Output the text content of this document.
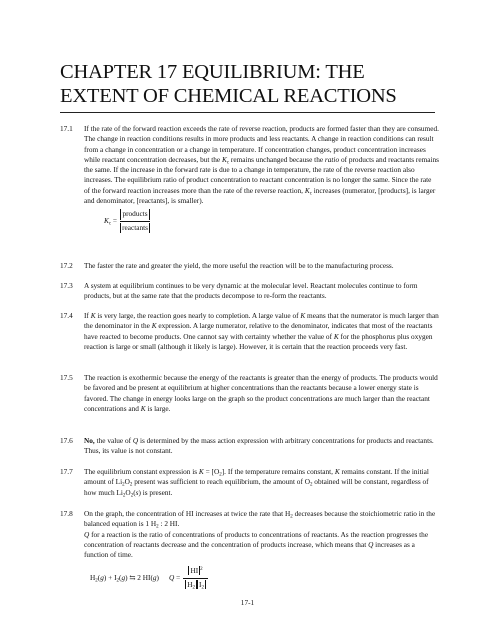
CHAPTER 17 EQUILIBRIUM: THE EXTENT OF CHEMICAL REACTIONS
17.1	If the rate of the forward reaction exceeds the rate of reverse reaction, products are formed faster than they are consumed. The change in reaction conditions results in more products and less reactants. A change in reaction conditions can result from a change in concentration or a change in temperature. If concentration changes, product concentration increases while reactant concentration decreases, but the $K_c$ remains unchanged because the ratio of products and reactants remains the same. If the increase in the forward rate is due to a change in temperature, the rate of the reverse reaction also increases. The equilibrium ratio of product concentration to reactant concentration is no longer the same. Since the rate of the forward reaction increases more than the rate of the reverse reaction, $K_c$ increases (numerator, [products], is larger and denominator, [reactants], is smaller).

$K_c = \frac{\text{products}}{\text{reactants}}$
17.2	The faster the rate and greater the yield, the more useful the reaction will be to the manufacturing process.

17.3	A system at equilibrium continues to be very dynamic at the molecular level. Reactant molecules continue to form products, but at the same rate that the products decompose to re-form the reactants.

17.4	If K is very large, the reaction goes nearly to completion. A large value of K means that the numerator is much larger than the denominator in the K expression. A large numerator, relative to the denominator, indicates that most of the reactants have reacted to become products. One cannot say with certainty whether the value of K for the phosphorus plus oxygen reaction is large or small (although it likely is large). However, it is certain that the reaction proceeds very fast.

17.5	The reaction is exothermic because the energy of the reactants is greater than the energy of products. The products would be favored and be present at equilibrium at higher concentrations than the reactants because a lower energy state is favored. The change in energy looks large on the graph so the product concentrations are much larger than the reactant concentrations and K is large.

17.6	No, the value of Q is determined by the mass action expression with arbitrary concentrations for products and reactants. Thus, its value is not constant.

17.7	The equilibrium constant expression is $K = [O_2]$. If the temperature remains constant, K remains constant. If the initial amount of $Li_2O_2$ present was sufficient to reach equilibrium, the amount of $O_2$ obtained will be constant, regardless of how much $Li_2O_2(s)$ is present.

17.8	On the graph, the concentration of HI increases at twice the rate that $H_2$ decreases because the stoichiometric ratio in the balanced equation is 1 $H_2$ : 2 HI.

Q for a reaction is the ratio of concentrations of products to concentrations of reactants. As the reaction progresses the concentration of reactants decrease and the concentration of products increase, which means that Q increases as a function of time.

$H_2(g) + I_2(g)$ ⇆ 2 HI(g) $Q = \frac{HI ^2}{H_2 I_2}$
17-1
